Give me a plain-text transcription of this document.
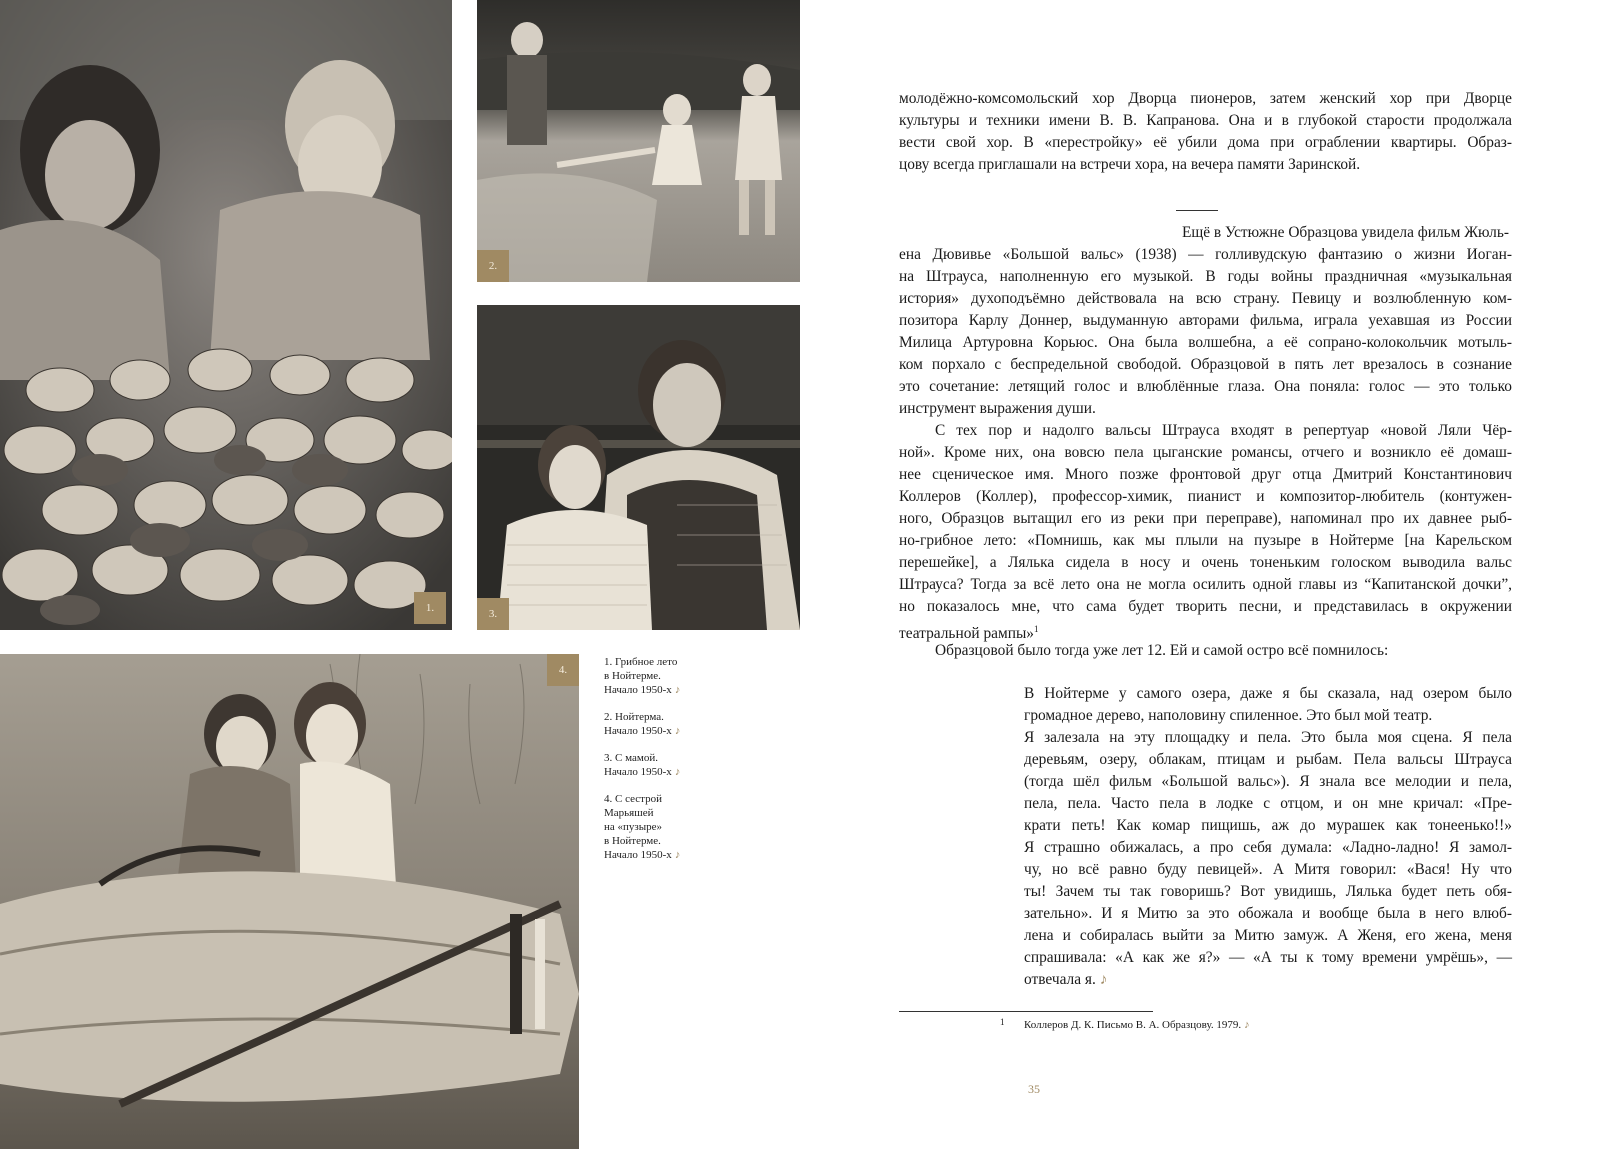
1.
2.
3.
4.
1. Грибное лето
в Нойтерме.
Начало 1950-х ♪
2. Нойтерма.
Начало 1950-х ♪
3. С мамой.
Начало 1950-х ♪
4. С сестрой
Марьяшей
на «пузыре»
в Нойтерме.
Начало 1950-х ♪
молодёжно-комсомольский хор Дворца пионеров, затем женский хор при Дворце
культуры и техники имени В. В. Капранова. Она и в глубокой старости продолжала
вести свой хор. В «перестройку» её убили дома при ограблении квартиры. Образ-
цову всегда приглашали на встречи хора, на вечера памяти Заринской.
Ещё в Устюжне Образцова увидела фильм Жюль-
ена Дювивье «Большой вальс» (1938) — голливудскую фантазию о жизни Иоган-
на Штрауса, наполненную его музыкой. В годы войны праздничная «музыкальная
история» духоподъёмно действовала на всю страну. Певицу и возлюбленную ком-
позитора Карлу Доннер, выдуманную авторами фильма, играла уехавшая из России
Милица Артуровна Корьюс. Она была волшебна, а её сопрано-колокольчик мотыль-
ком порхало с беспредельной свободой. Образцовой в пять лет врезалось в сознание
это сочетание: летящий голос и влюблённые глаза. Она поняла: голос — это только
инструмент выражения души.
С тех пор и надолго вальсы Штрауса входят в репертуар «новой Ляли Чёр-
ной». Кроме них, она вовсю пела цыганские романсы, отчего и возникло её домаш-
нее сценическое имя. Много позже фронтовой друг отца Дмитрий Константинович
Коллеров (Коллер), профессор-химик, пианист и композитор-любитель (контужен-
ного, Образцов вытащил его из реки при переправе), напоминал про их давнее рыб-
но-грибное лето: «Помнишь, как мы плыли на пузыре в Нойтерме [на Карельском
перешейке], а Лялька сидела в носу и очень тоненьким голоском выводила вальс
Штрауса? Тогда за всё лето она не могла осилить одной главы из “Капитанской дочки”,
но показалось мне, что сама будет творить песни, и представилась в окружении
театральной рампы»$^1$
Образцовой было тогда уже лет 12. Ей и самой остро всё помнилось:
В Нойтерме у самого озера, даже я бы сказала, над озером было
громадное дерево, наполовину спиленное. Это был мой театр.
Я залезала на эту площадку и пела. Это была моя сцена. Я пела
деревьям, озеру, облакам, птицам и рыбам. Пела вальсы Штрауса
(тогда шёл фильм «Большой вальс»). Я знала все мелодии и пела,
пела, пела. Часто пела в лодке с отцом, и он мне кричал: «Пре-
крати петь! Как комар пищишь, аж до мурашек как тонеенько!!»
Я страшно обижалась, а про себя думала: «Ладно-ладно! Я замол-
чу, но всё равно буду певицей». А Митя говорил: «Вася! Ну что
ты! Зачем ты так говоришь? Вот увидишь, Лялька будет петь обя-
зательно». И я Митю за это обожала и вообще была в него влюб-
лена и собиралась выйти за Митю замуж. А Женя, его жена, меня
спрашивала: «А как же я?» — «А ты к тому времени умрёшь», —
отвечала я. ♪
1 Коллеров Д. К. Письмо В. А. Образцову. 1979. ♪
35
